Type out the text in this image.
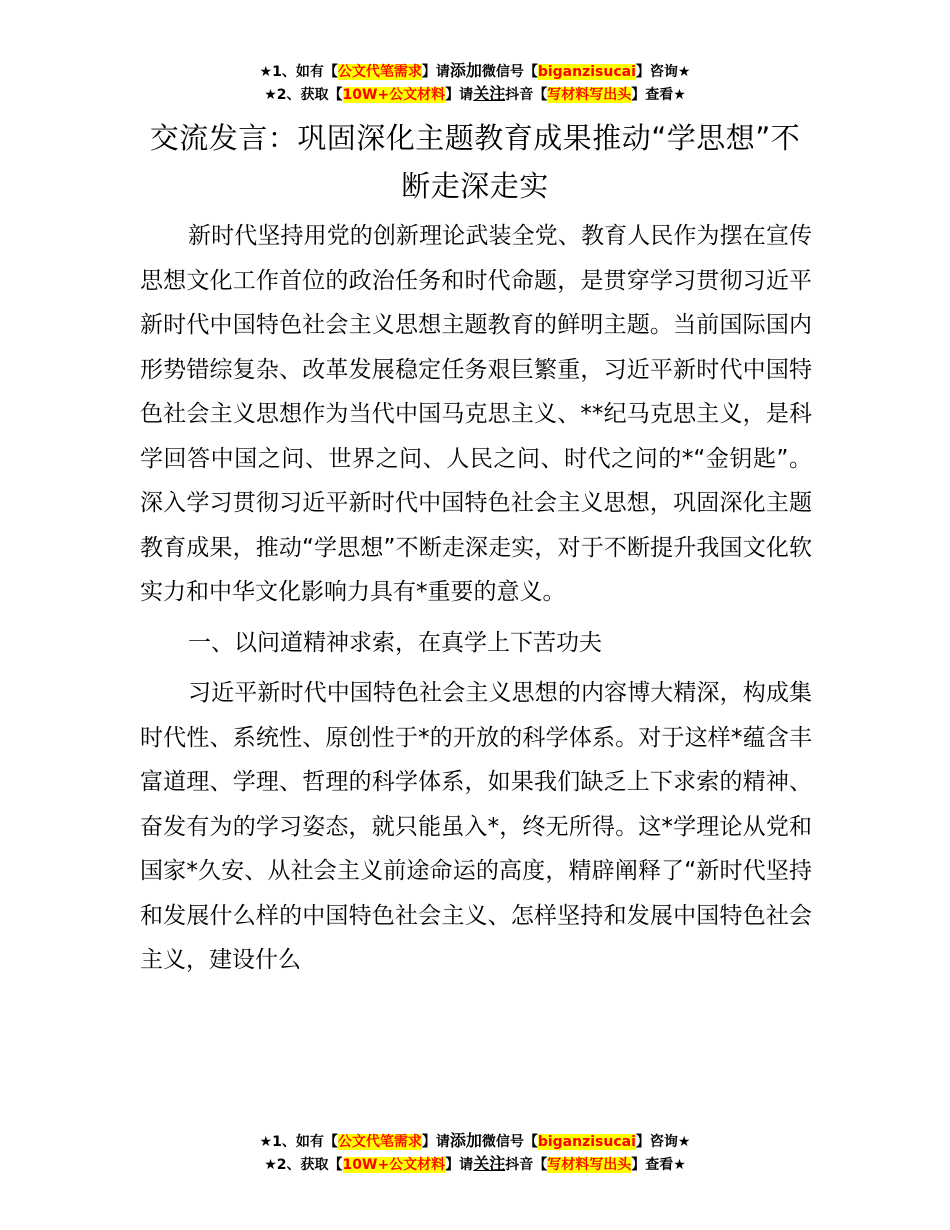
★1、如有【公文代笔需求】请添加微信号【biganzisucai】咨询★
★2、获取【10W+公文材料】请关注抖音【写材料写出头】查看★
交流发言：巩固深化主题教育成果推动“学思想”不断走深走实

新时代坚持用党的创新理论武装全党、教育人民作为摆在宣传思想文化工作首位的政治任务和时代命题，是贯穿学习贯彻习近平新时代中国特色社会主义思想主题教育的鲜明主题。当前国际国内形势错综复杂、改革发展稳定任务艰巨繁重，习近平新时代中国特色社会主义思想作为当代中国马克思主义、**纪马克思主义，是科学回答中国之问、世界之问、人民之问、时代之问的*“金钥匙”。深入学习贯彻习近平新时代中国特色社会主义思想，巩固深化主题教育成果，推动“学思想”不断走深走实，对于不断提升我国文化软实力和中华文化影响力具有*重要的意义。

一、以问道精神求索，在真学上下苦功夫

习近平新时代中国特色社会主义思想的内容博大精深，构成集时代性、系统性、原创性于*的开放的科学体系。对于这样*蕴含丰富道理、学理、哲理的科学体系，如果我们缺乏上下求索的精神、奋发有为的学习姿态，就只能虽入*，终无所得。这*学理论从党和国家*久安、从社会主义前途命运的高度，精辟阐释了“新时代坚持和发展什么样的中国特色社会主义、怎样坚持和发展中国特色社会主义，建设什么

★1、如有【公文代笔需求】请添加微信号【biganzisucai】咨询★
★2、获取【10W+公文材料】请关注抖音【写材料写出头】查看★
